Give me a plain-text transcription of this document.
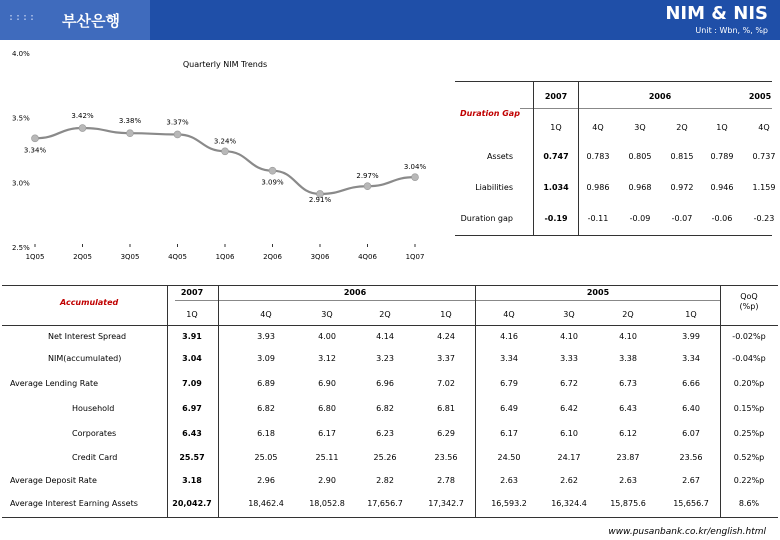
:::: 부산은행	NIM & NIS
Unit : Wbn, %, %p
Quarterly NIM Trends
2.5%
3.0%
3.5%
4.0%
1Q05	2Q05	3Q05	4Q05	1Q06	2Q06	3Q06	4Q06	1Q07
3.34%
3.42%
3.38%	3.37%
3.24%
3.09%
2.91%
2.97%
3.04%
2007	2006	2005
Duration Gap
1Q	4Q	3Q	2Q	1Q	4Q
Assets	0.747 0.783 0.805 0.815 0.789 0.737
Liabilities	1.034 0.986 0.968 0.972 0.946 1.159
Duration gap	-0.19	-0.11	-0.09	-0.07 -0.06	-0.23
Accumulated
2007	2006	2005	QoQ
(%p)
1Q	4Q	3Q	2Q	1Q	4Q	3Q	2Q	1Q
Net Interest Spread	3.91	3.93	4.00	4.14	4.24	4.16	4.10	4.10	3.99	-0.02%p
NIM(accumulated)	3.04	3.09	3.12	3.23	3.37	3.34	3.33	3.38	3.34	-0.04%p
Average Lending Rate	7.09	6.89	6.90	6.96	7.02	6.79	6.72	6.73	6.66	0.20%p
Household	6.97	6.82	6.80	6.82	6.81	6.49	6.42	6.43	6.40	0.15%p
Corporates	6.43	6.18	6.17	6.23	6.29	6.17	6.10	6.12	6.07	0.25%p
Credit Card	25.57	25.05	25.11	25.26	23.56	24.50	24.17	23.87	23.56	0.52%p
Average Deposit Rate	3.18	2.96	2.90	2.82	2.78	2.63	2.62	2.63	2.67	0.22%p
Average Interest Earning Assets	20,042.7	18,462.4	18,052.8	17,656.7	17,342.7	16,593.2	16,324.4	15,875.6	15,656.7	8.6%
www.pusanbank.co.kr/english.html
